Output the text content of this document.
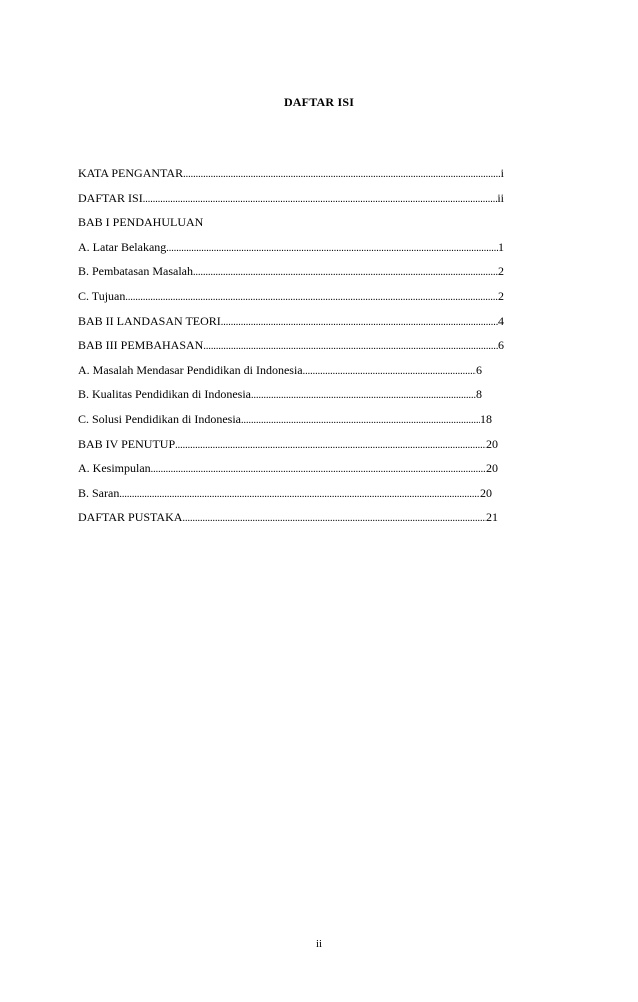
DAFTAR ISI
KATA PENGANTAR .....	i
DAFTAR ISI .....	ii
BAB I PENDAHULUAN
A. Latar Belakang .....	1
B. Pembatasan Masalah .....	2
C. Tujuan .....	2
BAB II LANDASAN TEORI .....	4
BAB III PEMBAHASAN .....	6
A. Masalah Mendasar Pendidikan di Indonesia .....	6
B. Kualitas Pendidikan di Indonesia .....	8
C. Solusi Pendidikan di Indonesia .....	18
BAB IV PENUTUP .....	20
A. Kesimpulan .....	20
B. Saran .....	20
DAFTAR PUSTAKA .....	21
ii
